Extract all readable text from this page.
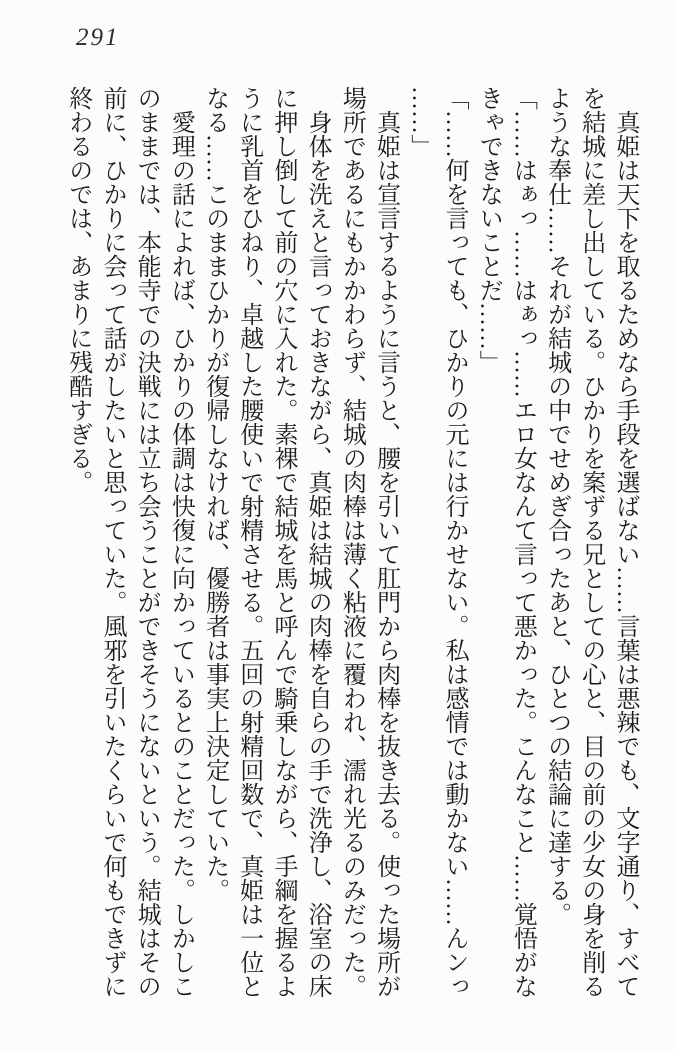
291

真姫は天下を取るためなら手段を選ばない……言葉は悪辣でも、文字通り、すべてを結城に差し出している。ひかりを案ずる兄としての心と、目の前の少女の身を削るような奉仕……それが結城の中でせめぎ合ったあと、ひとつの結論に達する。

「……はぁっ……はぁっ……エロ女なんて言って悪かった。こんなこと……覚悟がなきゃできないことだ……」

「……何を言っても、ひかりの元には行かせない。私は感情では動かない……んンっ……」

真姫は宣言するように言うと、腰を引いて肛門から肉棒を抜き去る。使った場所が場所であるにもかかわらず、結城の肉棒は薄く粘液に覆われ、濡れ光るのみだった。

身体を洗えと言っておきながら、真姫は結城の肉棒を自らの手で洗浄し、浴室の床に押し倒して前の穴に入れた。素裸で結城を馬と呼んで騎乗しながら、手綱を握るように乳首をひねり、卓越した腰使いで射精させる。五回の射精回数で、真姫は一位となる……このままひかりが復帰しなければ、優勝者は事実上決定していた。

愛理の話によれば、ひかりの体調は快復に向かっているとのことだった。しかしこのままでは、本能寺での決戦には立ち会うことができそうにないという。結城はその前に、ひかりに会って話がしたいと思っていた。風邪を引いたくらいで何もできずに終わるのでは、あまりに残酷すぎる。
